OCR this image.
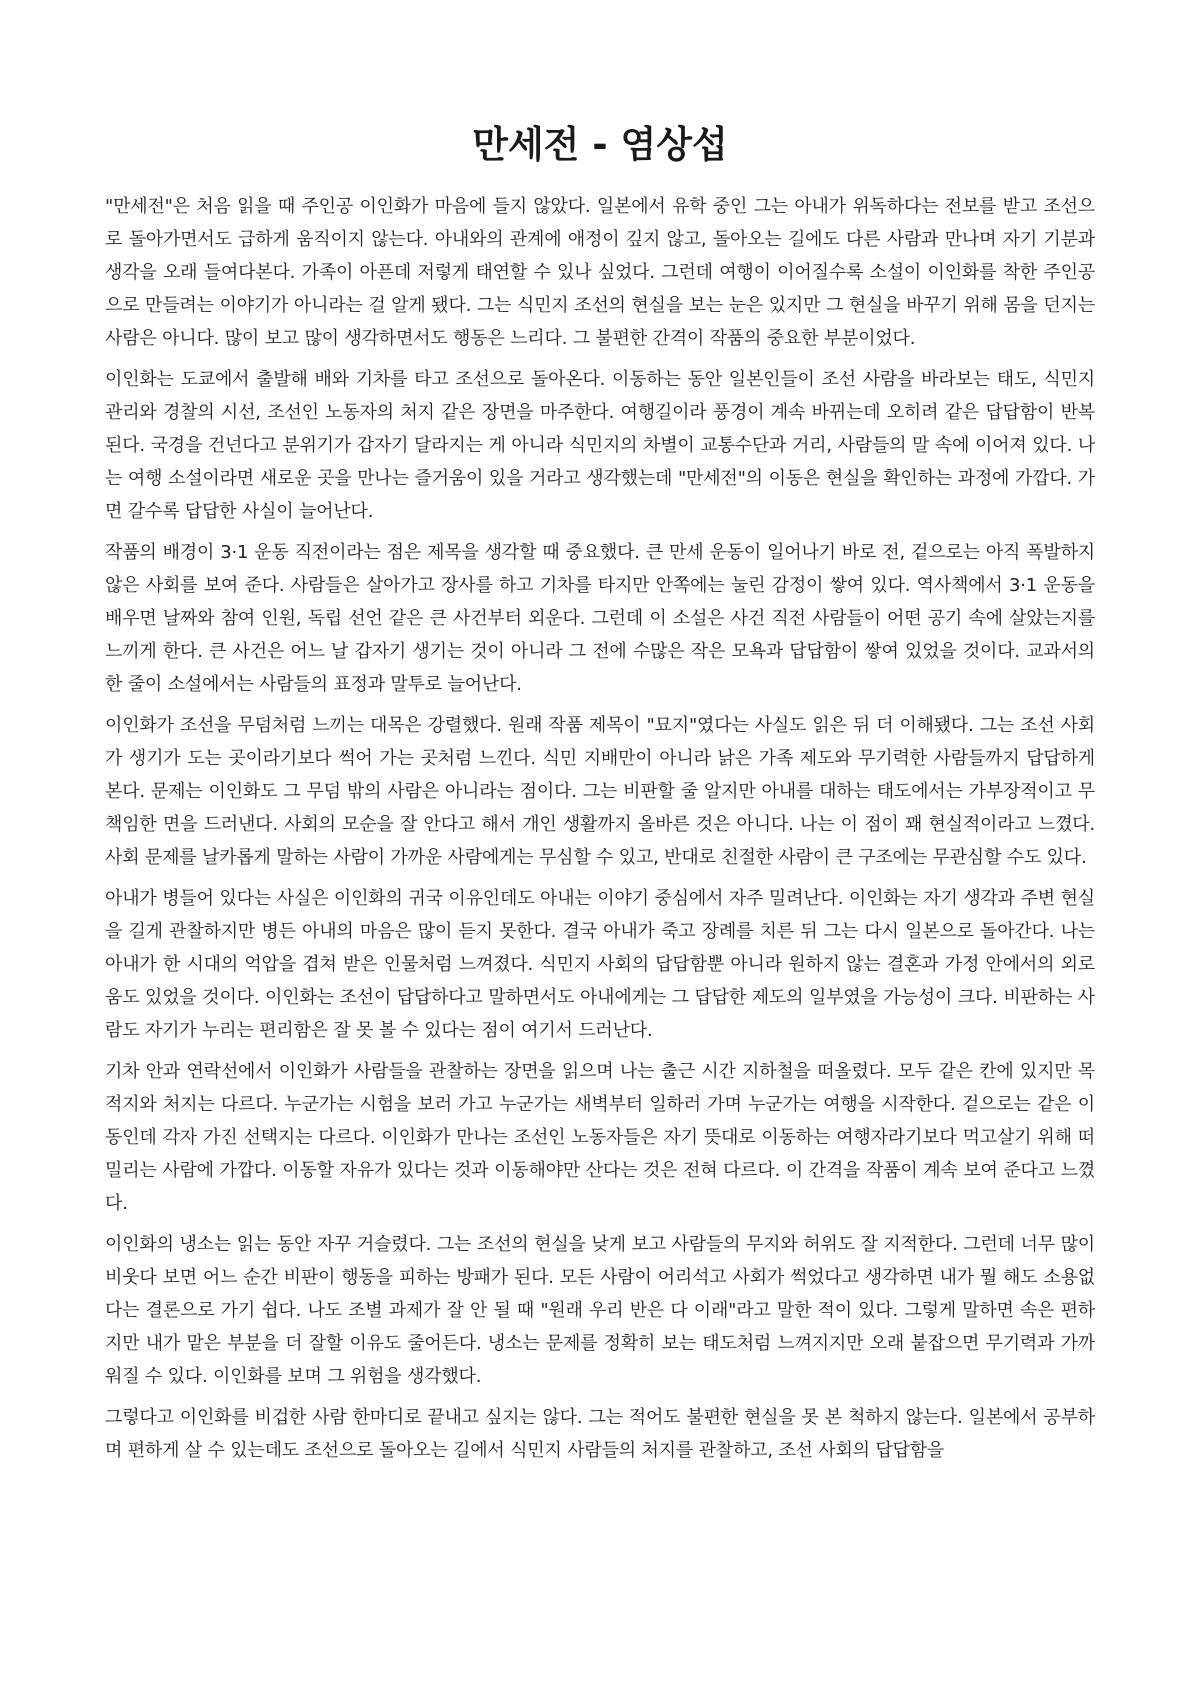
만세전 - 염상섭

"만세전"은 처음 읽을 때 주인공 이인화가 마음에 들지 않았다. 일본에서 유학 중인 그는 아내가 위독하다는 전보를 받고 조선으로 돌아가면서도 급하게 움직이지 않는다. 아내와의 관계에 애정이 깊지 않고, 돌아오는 길에도 다른 사람과 만나며 자기 기분과 생각을 오래 들여다본다. 가족이 아픈데 저렇게 태연할 수 있나 싶었다. 그런데 여행이 이어질수록 소설이 이인화를 착한 주인공으로 만들려는 이야기가 아니라는 걸 알게 됐다. 그는 식민지 조선의 현실을 보는 눈은 있지만 그 현실을 바꾸기 위해 몸을 던지는 사람은 아니다. 많이 보고 많이 생각하면서도 행동은 느리다. 그 불편한 간격이 작품의 중요한 부분이었다.

이인화는 도쿄에서 출발해 배와 기차를 타고 조선으로 돌아온다. 이동하는 동안 일본인들이 조선 사람을 바라보는 태도, 식민지 관리와 경찰의 시선, 조선인 노동자의 처지 같은 장면을 마주한다. 여행길이라 풍경이 계속 바뀌는데 오히려 같은 답답함이 반복된다. 국경을 건넌다고 분위기가 갑자기 달라지는 게 아니라 식민지의 차별이 교통수단과 거리, 사람들의 말 속에 이어져 있다. 나는 여행 소설이라면 새로운 곳을 만나는 즐거움이 있을 거라고 생각했는데 "만세전"의 이동은 현실을 확인하는 과정에 가깝다. 가면 갈수록 답답한 사실이 늘어난다.

작품의 배경이 3·1 운동 직전이라는 점은 제목을 생각할 때 중요했다. 큰 만세 운동이 일어나기 바로 전, 겉으로는 아직 폭발하지 않은 사회를 보여 준다. 사람들은 살아가고 장사를 하고 기차를 타지만 안쪽에는 눌린 감정이 쌓여 있다. 역사책에서 3·1 운동을 배우면 날짜와 참여 인원, 독립 선언 같은 큰 사건부터 외운다. 그런데 이 소설은 사건 직전 사람들이 어떤 공기 속에 살았는지를 느끼게 한다. 큰 사건은 어느 날 갑자기 생기는 것이 아니라 그 전에 수많은 작은 모욕과 답답함이 쌓여 있었을 것이다. 교과서의 한 줄이 소설에서는 사람들의 표정과 말투로 늘어난다.

이인화가 조선을 무덤처럼 느끼는 대목은 강렬했다. 원래 작품 제목이 "묘지"였다는 사실도 읽은 뒤 더 이해됐다. 그는 조선 사회가 생기가 도는 곳이라기보다 썩어 가는 곳처럼 느낀다. 식민 지배만이 아니라 낡은 가족 제도와 무기력한 사람들까지 답답하게 본다. 문제는 이인화도 그 무덤 밖의 사람은 아니라는 점이다. 그는 비판할 줄 알지만 아내를 대하는 태도에서는 가부장적이고 무책임한 면을 드러낸다. 사회의 모순을 잘 안다고 해서 개인 생활까지 올바른 것은 아니다. 나는 이 점이 꽤 현실적이라고 느꼈다. 사회 문제를 날카롭게 말하는 사람이 가까운 사람에게는 무심할 수 있고, 반대로 친절한 사람이 큰 구조에는 무관심할 수도 있다.

아내가 병들어 있다는 사실은 이인화의 귀국 이유인데도 아내는 이야기 중심에서 자주 밀려난다. 이인화는 자기 생각과 주변 현실을 길게 관찰하지만 병든 아내의 마음은 많이 듣지 못한다. 결국 아내가 죽고 장례를 치른 뒤 그는 다시 일본으로 돌아간다. 나는 아내가 한 시대의 억압을 겹쳐 받은 인물처럼 느껴졌다. 식민지 사회의 답답함뿐 아니라 원하지 않는 결혼과 가정 안에서의 외로움도 있었을 것이다. 이인화는 조선이 답답하다고 말하면서도 아내에게는 그 답답한 제도의 일부였을 가능성이 크다. 비판하는 사람도 자기가 누리는 편리함은 잘 못 볼 수 있다는 점이 여기서 드러난다.

기차 안과 연락선에서 이인화가 사람들을 관찰하는 장면을 읽으며 나는 출근 시간 지하철을 떠올렸다. 모두 같은 칸에 있지만 목적지와 처지는 다르다. 누군가는 시험을 보러 가고 누군가는 새벽부터 일하러 가며 누군가는 여행을 시작한다. 겉으로는 같은 이동인데 각자 가진 선택지는 다르다. 이인화가 만나는 조선인 노동자들은 자기 뜻대로 이동하는 여행자라기보다 먹고살기 위해 떠밀리는 사람에 가깝다. 이동할 자유가 있다는 것과 이동해야만 산다는 것은 전혀 다르다. 이 간격을 작품이 계속 보여 준다고 느꼈다.

이인화의 냉소는 읽는 동안 자꾸 거슬렸다. 그는 조선의 현실을 낮게 보고 사람들의 무지와 허위도 잘 지적한다. 그런데 너무 많이 비웃다 보면 어느 순간 비판이 행동을 피하는 방패가 된다. 모든 사람이 어리석고 사회가 썩었다고 생각하면 내가 뭘 해도 소용없다는 결론으로 가기 쉽다. 나도 조별 과제가 잘 안 될 때 "원래 우리 반은 다 이래"라고 말한 적이 있다. 그렇게 말하면 속은 편하지만 내가 맡은 부분을 더 잘할 이유도 줄어든다. 냉소는 문제를 정확히 보는 태도처럼 느껴지지만 오래 붙잡으면 무기력과 가까워질 수 있다. 이인화를 보며 그 위험을 생각했다.

그렇다고 이인화를 비겁한 사람 한마디로 끝내고 싶지는 않다. 그는 적어도 불편한 현실을 못 본 척하지 않는다. 일본에서 공부하며 편하게 살 수 있는데도 조선으로 돌아오는 길에서 식민지 사람들의 처지를 관찰하고, 조선 사회의 답답함을
